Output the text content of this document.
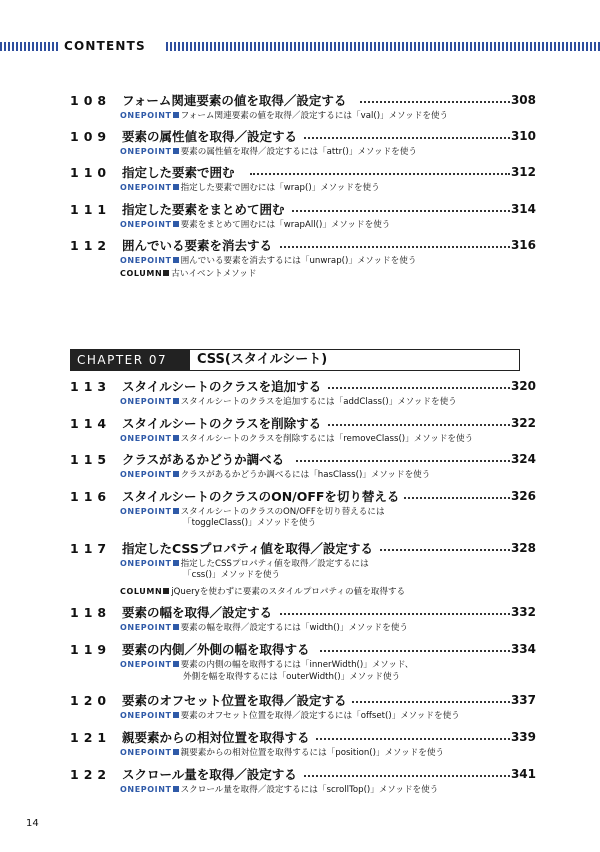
CONTENTS
108 フォーム関連要素の値を取得／設定する	308
ONEPOINT フォーム関連要素の値を取得／設定するには「val()」メソッドを使う
109 要素の属性値を取得／設定する	310
ONEPOINT 要素の属性値を取得／設定するには「attr()」メソッドを使う
110 指定した要素で囲む	312
ONEPOINT 指定した要素で囲むには「wrap()」メソッドを使う
111 指定した要素をまとめて囲む	314
ONEPOINT 要素をまとめて囲むには「wrapAll()」メソッドを使う
112 囲んでいる要素を消去する	316
ONEPOINT 囲んでいる要素を消去するには「unwrap()」メソッドを使う
COLUMN 古いイベントメソッド
CHAPTER 07	CSS(スタイルシート)
113 スタイルシートのクラスを追加する	320
ONEPOINT スタイルシートのクラスを追加するには「addClass()」メソッドを使う
114 スタイルシートのクラスを削除する	322
ONEPOINT スタイルシートのクラスを削除するには「removeClass()」メソッドを使う
115 クラスがあるかどうか調べる	324
ONEPOINT クラスがあるかどうか調べるには「hasClass()」メソッドを使う
116 スタイルシートのクラスのON/OFFを切り替える	326
ONEPOINT スタイルシートのクラスのON/OFFを切り替えるには
「toggleClass()」メソッドを使う
117 指定したCSSプロパティ値を取得／設定する	328
ONEPOINT 指定したCSSプロパティ値を取得／設定するには
「css()」メソッドを使う
COLUMN jQueryを使わずに要素のスタイルプロパティの値を取得する
118 要素の幅を取得／設定する	332
ONEPOINT 要素の幅を取得／設定するには「width()」メソッドを使う
119 要素の内側／外側の幅を取得する	334
ONEPOINT 要素の内側の幅を取得するには「innerWidth()」メソッド、
外側を幅を取得するには「outerWidth()」メソッド使う
120 要素のオフセット位置を取得／設定する	337
ONEPOINT 要素のオフセット位置を取得／設定するには「offset()」メソッドを使う
121 親要素からの相対位置を取得する	339
ONEPOINT 親要素からの相対位置を取得するには「position()」メソッドを使う
122 スクロール量を取得／設定する	341
ONEPOINT スクロール量を取得／設定するには「scrollTop()」メソッドを使う
14
